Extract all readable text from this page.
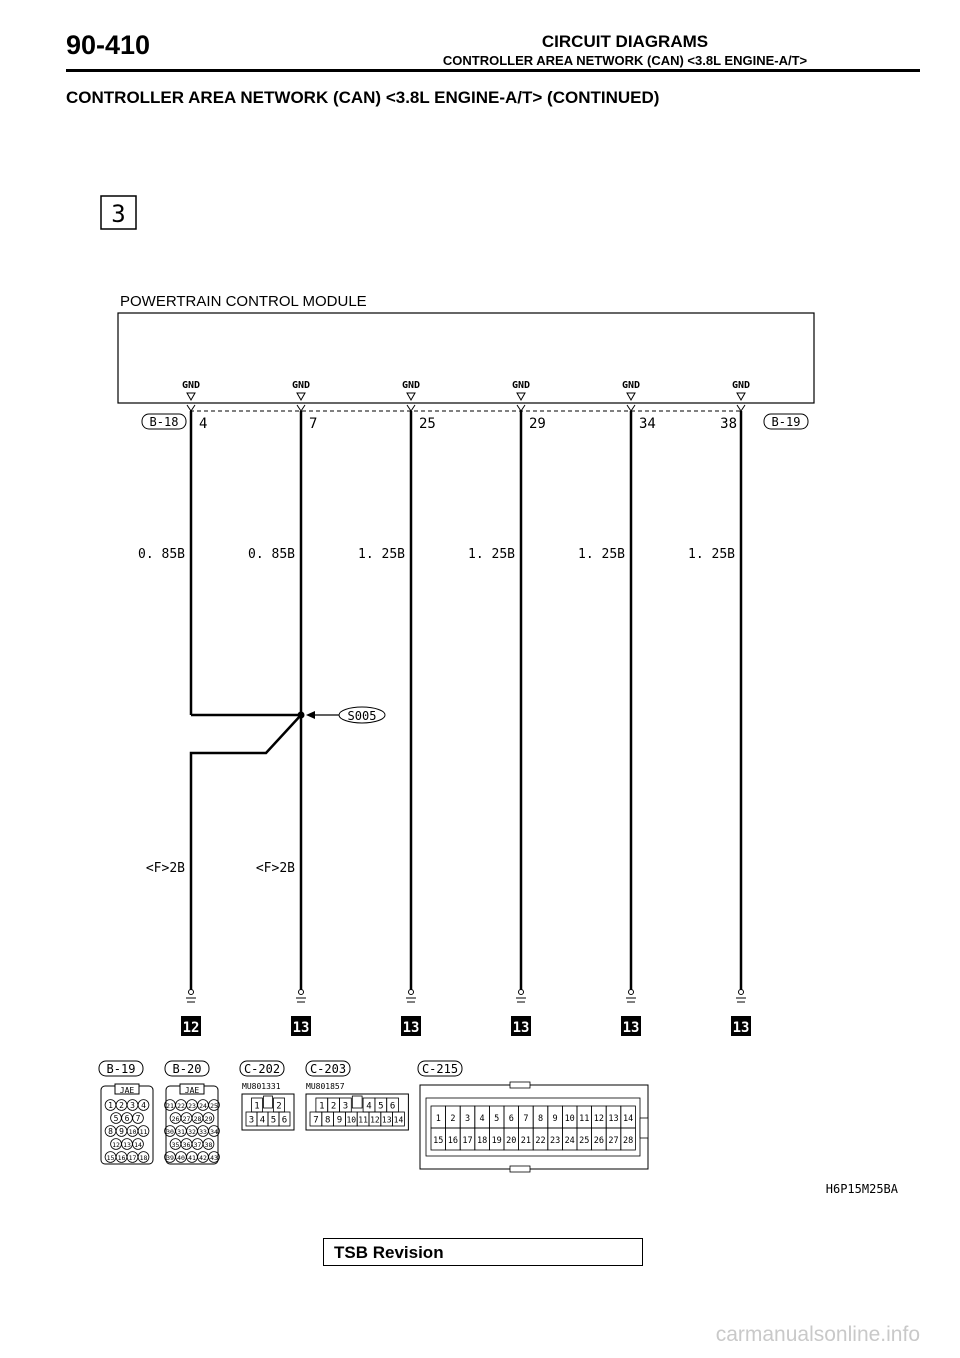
90-410	CIRCUIT DIAGRAMS
CONTROLLER AREA NETWORK (CAN) <3.8L ENGINE-A/T>
CONTROLLER AREA NETWORK (CAN) <3.8L ENGINE-A/T> (CONTINUED)
3
POWERTRAIN CONTROL MODULE
B-18	B-19
GND
4
0. 85B
12
GND
7
0. 85B
13
GND
25
1. 25B
13
GND
29
1. 25B
13
GND
34
1. 25B
13
GND
38
1. 25B
13
<F>2B	<F>2B
S005
B-19	B-20	C-202 C-203	C-215
JAE
1 2 3 4
5 6 7
8 9 10 11
12 13 14
15 16 17 18
JAE
21 22 23 24 25
26 27 28 29
30 31 32 33 34
35 36 37 38
39 40 41 42 43
MU801331
1 2
3 4 5 6
MU801857
1 2 3 4 5 6
7 8 9 10 11 12 13 14	1 2 3 4 5 6 7 8 9 10 11 12 13 14
15 16 17 18 19 20 21 22 23 24 25 26 27 28
H6P15M25BA
TSB Revision
carmanualsonline.info
